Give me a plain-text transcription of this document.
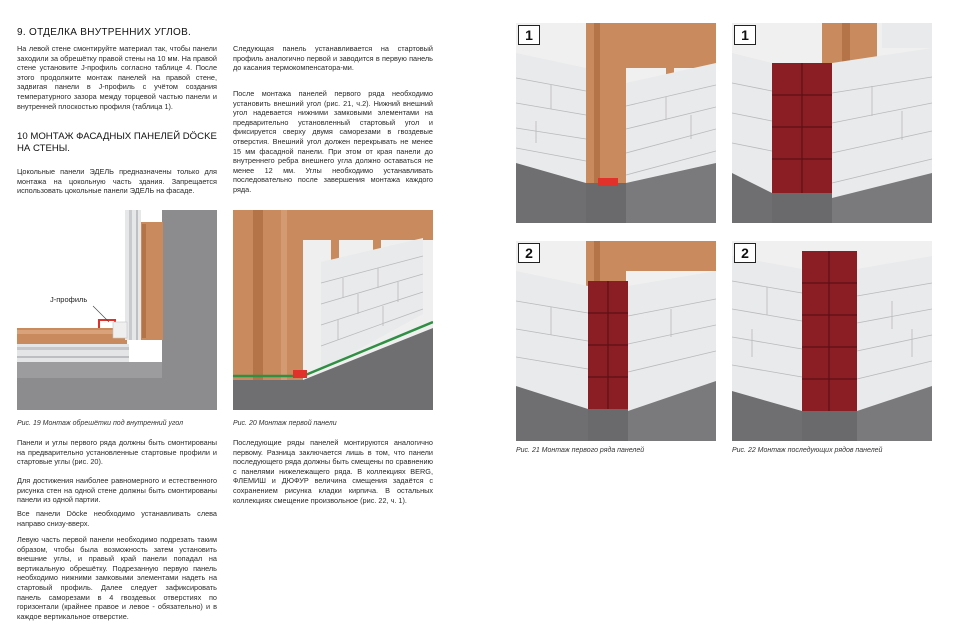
9. ОТДЕЛКА ВНУТРЕННИХ УГЛОВ.

На левой стене смонтируйте материал так, чтобы панели заходили за обрешётку правой стены на 10 мм. На правой стене установите J-профиль согласно таблице 4. После этого продолжите монтаж панелей на правой стене, задвигая панели в J-профиль с учётом создания температурного зазора между торцевой частью панели и внутренней плоскостью профиля (таблица 1).

10 МОНТАЖ ФАСАДНЫХ ПАНЕЛЕЙ DÖCKE НА СТЕНЫ.

Цокольные панели ЭДЕЛЬ предназначены только для монтажа на цокольную часть здания. Запрещается использовать цокольные панели ЭДЕЛЬ на фасаде.

Следующая панель устанавливается на стартовый профиль аналогично первой и заводится в первую панель до касания термокомпенсатора-ми.

После монтажа панелей первого ряда необходимо установить внешний угол (рис. 21, ч.2). Нижний внешний угол надевается нижними замковыми элементами на предварительно установленный стартовый угол и фиксируется сверху двумя саморезами в гвоздевые отверстия. Внешний угол должен перекрывать не менее 15 мм фасадной панели. При этом от края панели до внутреннего ребра внешнего угла должно оставаться не менее 12 мм. Углы необходимо устанавливать последовательно после завершения монтажа каждого ряда.

J-профиль
Рис. 19 Монтаж обрешётки под внутренний угол	Рис. 20 Монтаж первой панели

Панели и углы первого ряда должны быть смонтированы на предварительно установленные стартовые профили и стартовые углы (рис. 20).

Для достижения наиболее равномерного и естественного рисунка стен на одной стене должны быть смонтированы панели из одной партии.

Все панели Döcke необходимо устанавливать слева направо снизу-вверх.

Левую часть первой панели необходимо подрезать таким образом, чтобы была возможность затем установить внешние углы, и правый край панели попадал на вертикальную обрешётку. Подрезанную первую панель необходимо нижними замковыми элементами надеть на стартовый профиль. Далее следует зафиксировать панель саморезами в 4 гвоздевых отверстиях по горизонтали (крайнее правое и левое - обязательно) и в каждое вертикальное отверстие.

Последующие ряды панелей монтируются аналогично первому. Разница заключается лишь в том, что панели последующего ряда должны быть смещены по сравнению с панелями нижележащего ряда. В коллекциях BERG, ФЛЕМИШ и ДЮФУР величина смещения задаётся с сохранением рисунка кладки кирпича. В остальных коллекциях смещение произвольное (рис. 22, ч. 1).

1	1
2	2
Рис. 21 Монтаж первого ряда панелей	Рис. 22 Монтаж последующих рядов панелей
